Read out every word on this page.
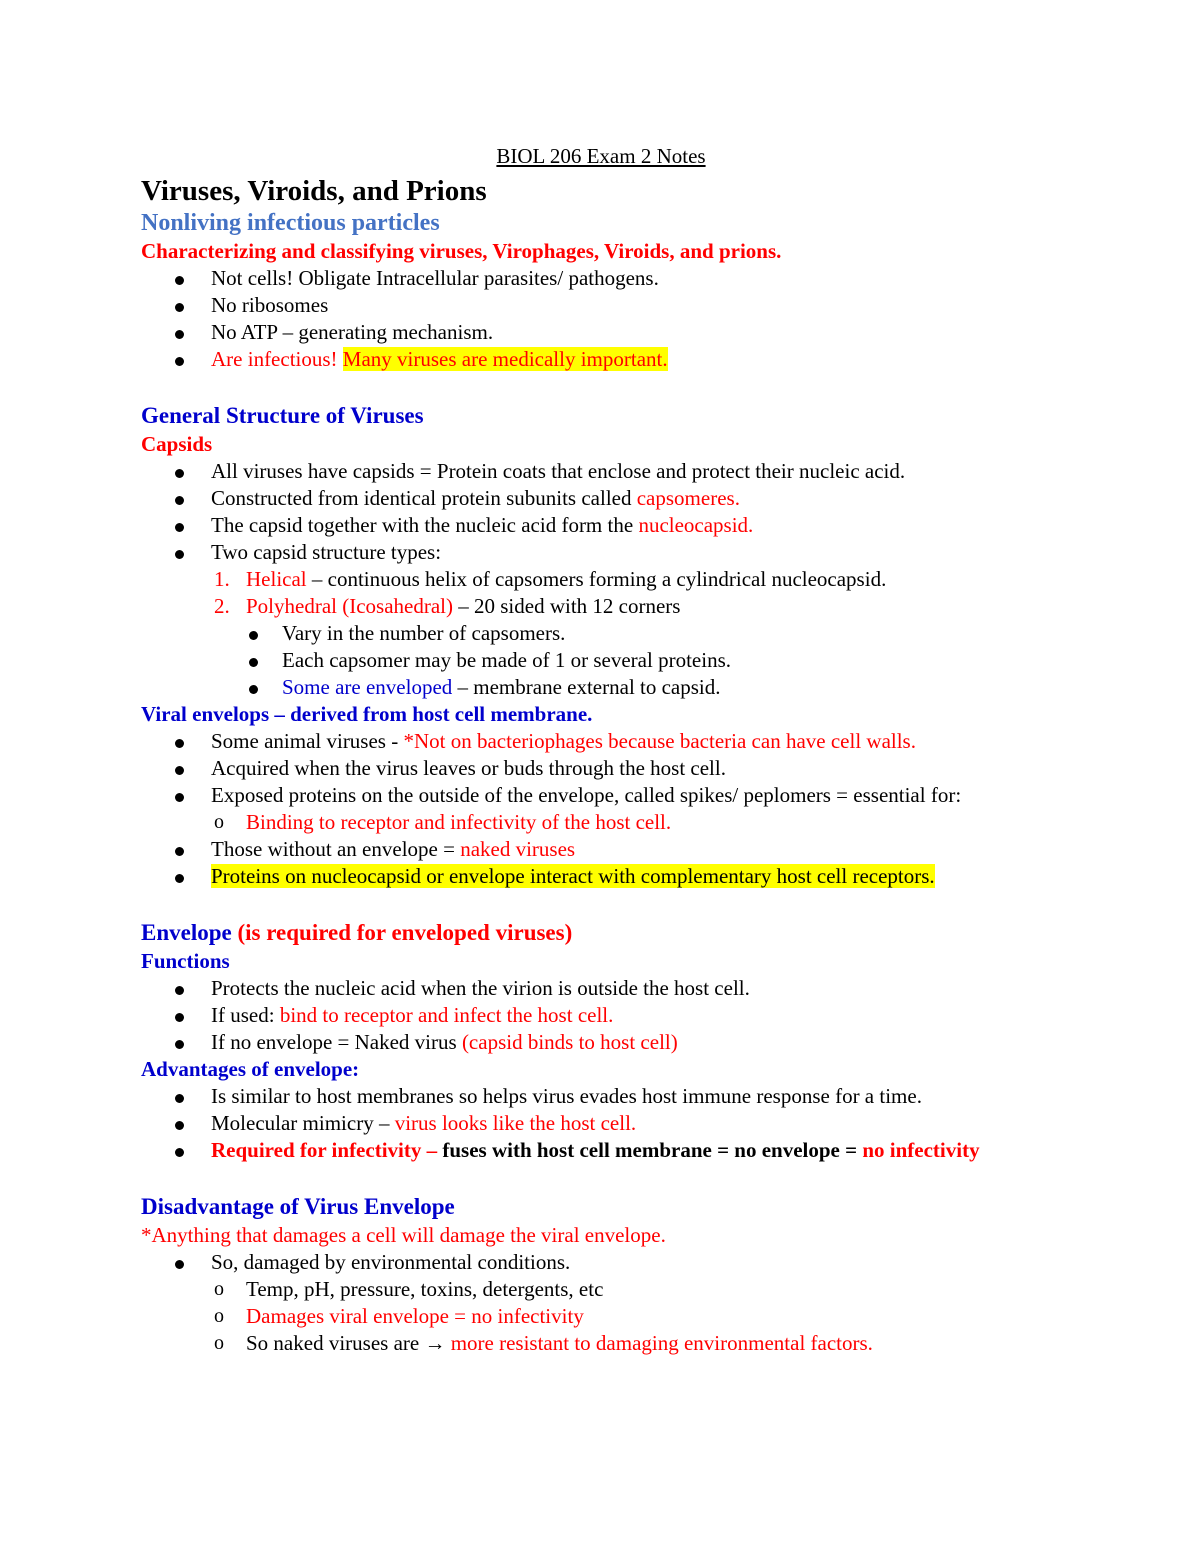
BIOL 206 Exam 2 Notes
Viruses, Viroids, and Prions
Nonliving infectious particles
Characterizing and classifying viruses, Virophages, Viroids, and prions.
Not cells! Obligate Intracellular parasites/ pathogens.
No ribosomes
No ATP – generating mechanism.
Are infectious! Many viruses are medically important.
General Structure of Viruses
Capsids
All viruses have capsids = Protein coats that enclose and protect their nucleic acid.
Constructed from identical protein subunits called capsomeres.
The capsid together with the nucleic acid form the nucleocapsid.
Two capsid structure types:
1. Helical – continuous helix of capsomers forming a cylindrical nucleocapsid.
2. Polyhedral (Icosahedral) – 20 sided with 12 corners
Vary in the number of capsomers.
Each capsomer may be made of 1 or several proteins.
Some are enveloped – membrane external to capsid.
Viral envelops – derived from host cell membrane.
Some animal viruses - *Not on bacteriophages because bacteria can have cell walls.
Acquired when the virus leaves or buds through the host cell.
Exposed proteins on the outside of the envelope, called spikes/ peplomers = essential for:
o Binding to receptor and infectivity of the host cell.
Those without an envelope = naked viruses
Proteins on nucleocapsid or envelope interact with complementary host cell receptors.
Envelope (is required for enveloped viruses)
Functions
Protects the nucleic acid when the virion is outside the host cell.
If used: bind to receptor and infect the host cell.
If no envelope = Naked virus (capsid binds to host cell)
Advantages of envelope:
Is similar to host membranes so helps virus evades host immune response for a time.
Molecular mimicry – virus looks like the host cell.
Required for infectivity – fuses with host cell membrane = no envelope = no infectivity
Disadvantage of Virus Envelope
*Anything that damages a cell will damage the viral envelope.
So, damaged by environmental conditions.
o Temp, pH, pressure, toxins, detergents, etc
o Damages viral envelope = no infectivity
o So naked viruses are → more resistant to damaging environmental factors.
